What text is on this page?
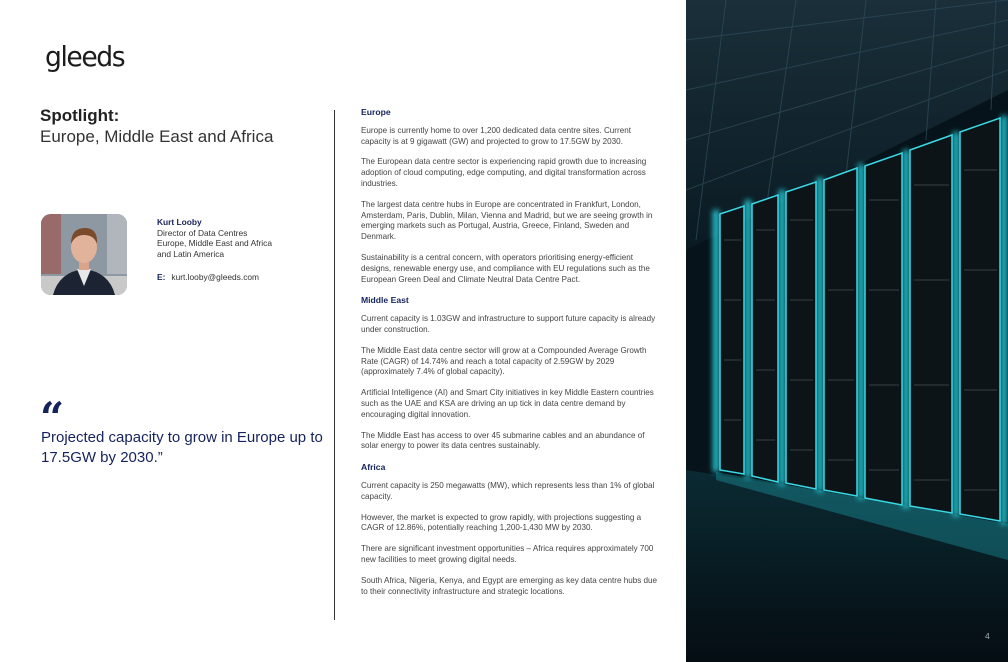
gleeds
Spotlight:
Europe, Middle East and Africa
Kurt Looby
Director of Data Centres
Europe, Middle East and Africa
and Latin America
E: kurt.looby@gleeds.com
“
Projected capacity to grow in Europe up to 17.5GW by 2030.”
Europe

Europe is currently home to over 1,200 dedicated data centre sites. Current capacity is at 9 gigawatt (GW) and projected to grow to 17.5GW by 2030.

The European data centre sector is experiencing rapid growth due to increasing adoption of cloud computing, edge computing, and digital transformation across industries.

The largest data centre hubs in Europe are concentrated in Frankfurt, London, Amsterdam, Paris, Dublin, Milan, Vienna and Madrid, but we are seeing growth in emerging markets such as Portugal, Austria, Greece, Finland, Sweden and Denmark.

Sustainability is a central concern, with operators prioritising energy-efficient designs, renewable energy use, and compliance with EU regulations such as the European Green Deal and Climate Neutral Data Centre Pact.

Middle East

Current capacity is 1.03GW and infrastructure to support future capacity is already under construction.

The Middle East data centre sector will grow at a Compounded Average Growth Rate (CAGR) of 14.74% and reach a total capacity of 2.59GW by 2029 (approximately 7.4% of global capacity).

Artificial Intelligence (AI) and Smart City initiatives in key Middle Eastern countries such as the UAE and KSA are driving an up tick in data centre demand by encouraging digital innovation.

The Middle East has access to over 45 submarine cables and an abundance of solar energy to power its data centres sustainably.

Africa

Current capacity is 250 megawatts (MW), which represents less than 1% of global capacity.

However, the market is expected to grow rapidly, with projections suggesting a CAGR of 12.86%, potentially reaching 1,200-1,430 MW by 2030.

There are significant investment opportunities – Africa requires approximately 700 new facilities to meet growing digital needs.

South Africa, Nigeria, Kenya, and Egypt are emerging as key data centre hubs due to their connectivity infrastructure and strategic locations.

4
